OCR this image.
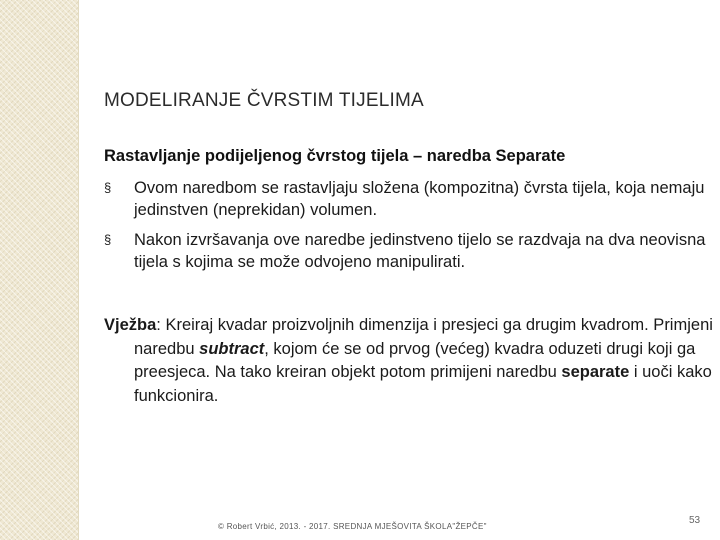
MODELIRANJE ČVRSTIM TIJELIMA
Rastavljanje podijeljenog čvrstog tijela – naredba Separate
§ Ovom naredbom se rastavljaju složena (kompozitna) čvrsta tijela, koja nemaju jedinstven (neprekidan) volumen.
§ Nakon izvršavanja ove naredbe jedinstveno tijelo se razdvaja na dva neovisna tijela s kojima se može odvojeno manipulirati.
Vježba: Kreiraj kvadar proizvoljnih dimenzija i presjeci ga drugim kvadrom. Primjeni naredbu subtract, kojom će se od prvog (većeg) kvadra oduzeti drugi koji ga preesjeca. Na tako kreiran objekt potom primijeni naredbu separate i uoči kako funkcionira.
© Robert Vrbić, 2013. - 2017. SREDNJA MJEŠOVITA ŠKOLA"ŽEPČE"
53
